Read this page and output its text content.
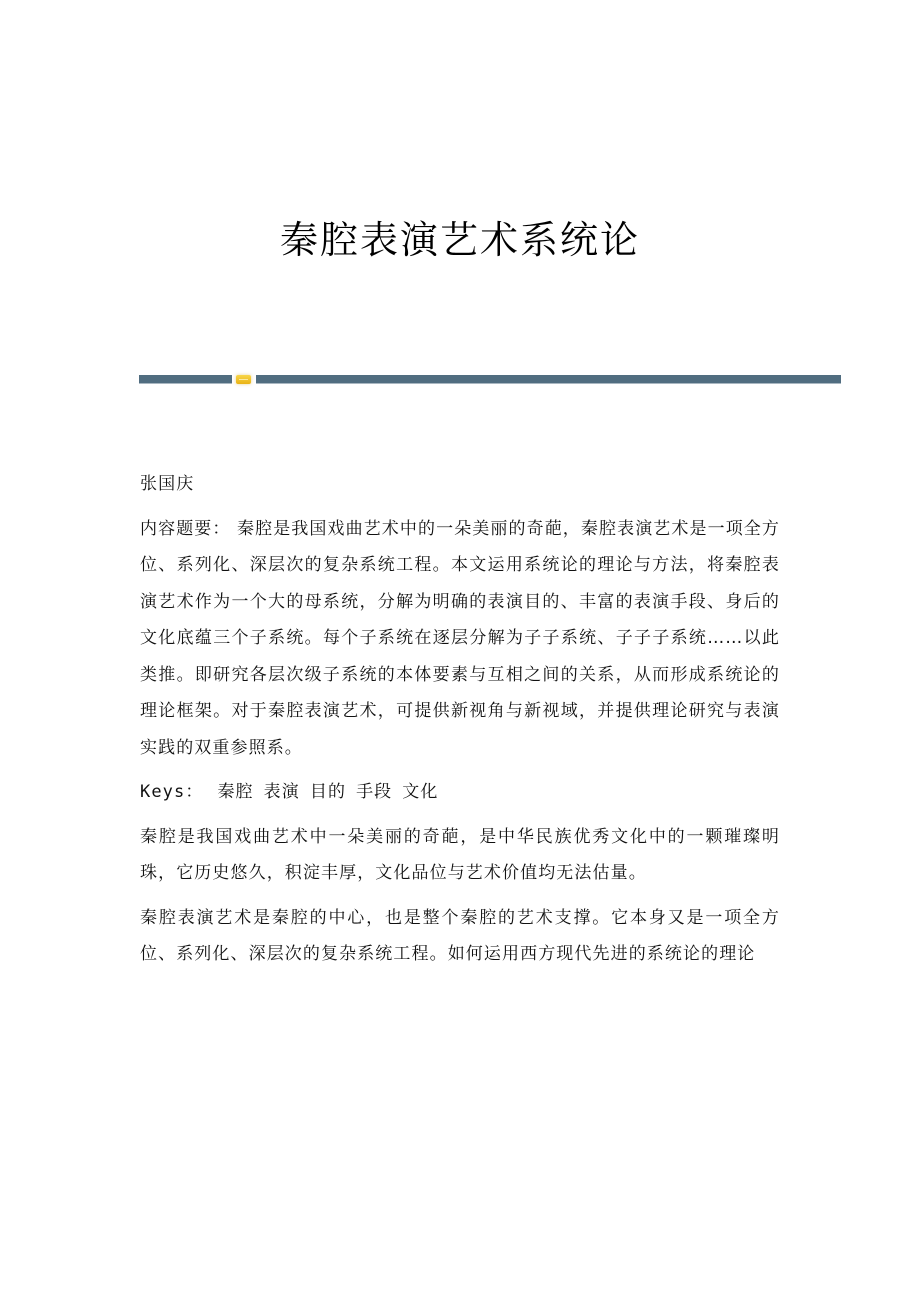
秦腔表演艺术系统论

张国庆

内容题要： 秦腔是我国戏曲艺术中的一朵美丽的奇葩，秦腔表演艺术是一项全方位、系列化、深层次的复杂系统工程。本文运用系统论的理论与方法，将秦腔表演艺术作为一个大的母系统，分解为明确的表演目的、丰富的表演手段、身后的文化底蕴三个子系统。每个子系统在逐层分解为子子系统、子子子系统……以此类推。即研究各层次级子系统的本体要素与互相之间的关系，从而形成系统论的理论框架。对于秦腔表演艺术，可提供新视角与新视域，并提供理论研究与表演实践的双重参照系。

Keys： 秦腔 表演 目的 手段 文化

秦腔是我国戏曲艺术中一朵美丽的奇葩，是中华民族优秀文化中的一颗璀璨明珠，它历史悠久，积淀丰厚，文化品位与艺术价值均无法估量。

秦腔表演艺术是秦腔的中心，也是整个秦腔的艺术支撑。它本身又是一项全方位、系列化、深层次的复杂系统工程。如何运用西方现代先进的系统论的理论
